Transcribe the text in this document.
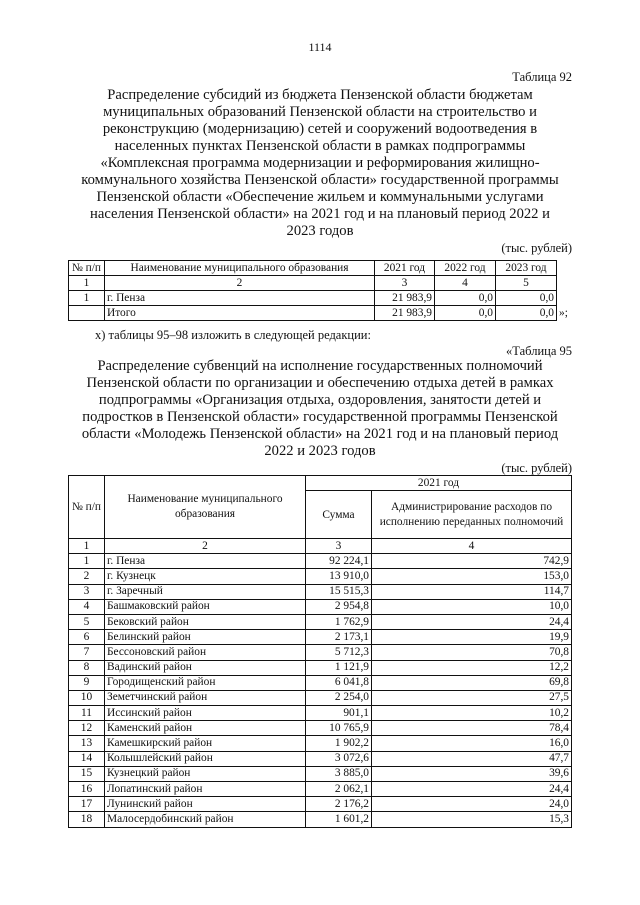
1114
Таблица 92
Распределение субсидий из бюджета Пензенской области бюджетам
муниципальных образований Пензенской области на строительство и
реконструкцию (модернизацию) сетей и сооружений водоотведения в
населенных пунктах Пензенской области в рамках подпрограммы
«Комплексная программа модернизации и реформирования жилищно-
коммунального хозяйства Пензенской области» государственной программы
Пензенской области «Обеспечение жильем и коммунальными услугами
населения Пензенской области» на 2021 год и на плановый период 2022 и
2023 годов
(тыс. рублей)
№ п/п	Наименование муниципального образования	2021 год	2022 год	2023 год
1	2	3	4	5
1	г. Пенза	21 983,9	0,0	0,0
	Итого	21 983,9	0,0	0,0 »;
х) таблицы 95–98 изложить в следующей редакции:
«Таблица 95
Распределение субвенций на исполнение государственных полномочий
Пензенской области по организации и обеспечению отдыха детей в рамках
подпрограммы «Организация отдыха, оздоровления, занятости детей и
подростков в Пензенской области» государственной программы Пензенской
области «Молодежь Пензенской области» на 2021 год и на плановый период
2022 и 2023 годов
(тыс. рублей)
№ п/п	Наименование муниципального образования	2021 год	
		Сумма	Администрирование расходов по исполнению переданных полномочий
1	2	3	4
1	г. Пенза	92 224,1	742,9
2	г. Кузнецк	13 910,0	153,0
3	г. Заречный	15 515,3	114,7
4	Башмаковский район	2 954,8	10,0
5	Бековский район	1 762,9	24,4
6	Белинский район	2 173,1	19,9
7	Бессоновский район	5 712,3	70,8
8	Вадинский район	1 121,9	12,2
9	Городищенский район	6 041,8	69,8
10	Земетчинский район	2 254,0	27,5
11	Иссинский район	901,1	10,2
12	Каменский район	10 765,9	78,4
13	Камешкирский район	1 902,2	16,0
14	Колышлейский район	3 072,6	47,7
15	Кузнецкий район	3 885,0	39,6
16	Лопатинский район	2 062,1	24,4
17	Лунинский район	2 176,2	24,0
18	Малосердобинский район	1 601,2	15,3
